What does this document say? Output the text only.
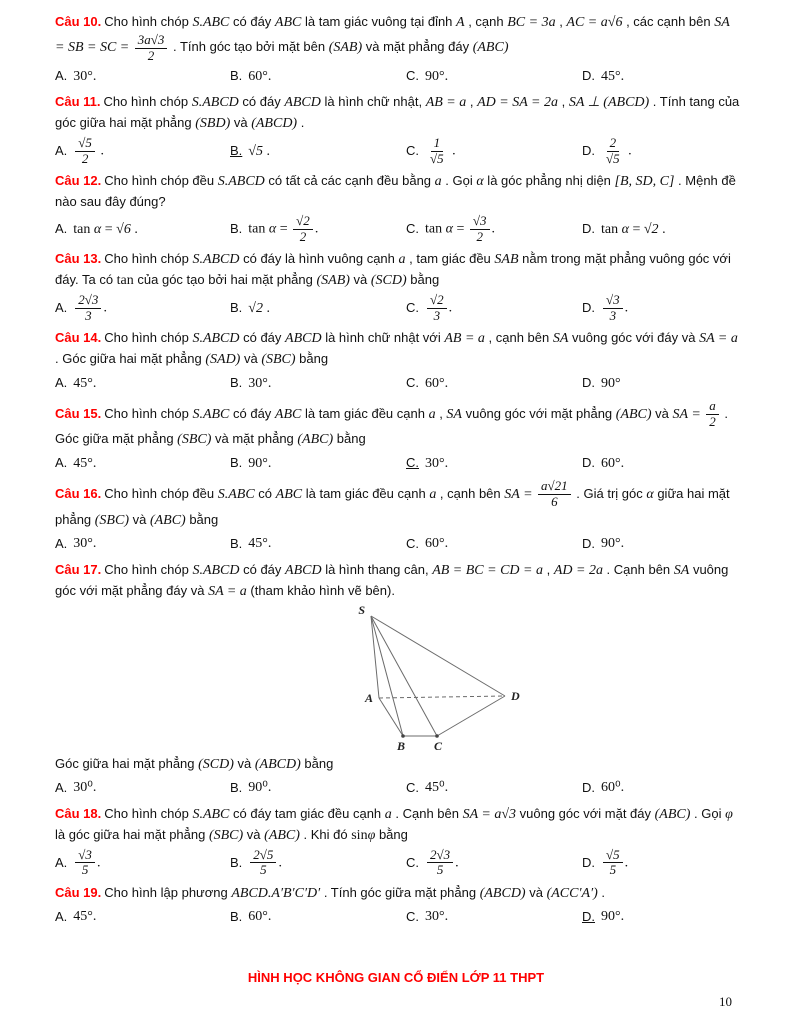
Câu 10. Cho hình chóp S.ABC có đáy ABC là tam giác vuông tại đỉnh A , cạnh BC = 3a , AC = a√6 , các cạnh bên SA = SB = SC = $\frac{3a√3}{2}$ . Tính góc tạo bởi mặt bên (SAB) và mặt phẳng đáy (ABC)

A. 30°.	B. 60°.	C. 90°.	D. 45°.

Câu 11. Cho hình chóp S.ABCD có đáy ABCD là hình chữ nhật, AB = a , AD = SA = 2a , SA ⊥ (ABCD) . Tính tang của góc giữa hai mặt phẳng (SBD) và (ABCD) .

A. $\frac{√5}{2}$ .	B. √5 .	C. $\frac{1}{√5}$ .	D. $\frac{2}{√5}$ .

Câu 12. Cho hình chóp đều S.ABCD có tất cả các cạnh đều bằng a . Gọi α là góc phẳng nhị diện [B, SD, C] . Mệnh đề nào sau đây đúng?

A. tan α = √6 .	B. $\tan \alpha = \frac{√2}{2}$ .	C. $\tan \alpha = \frac{√3}{2}$ .	D. tan α = √2 .

Câu 13. Cho hình chóp S.ABCD có đáy là hình vuông cạnh a , tam giác đều SAB nằm trong mặt phẳng vuông góc với đáy. Ta có tan của góc tạo bởi hai mặt phẳng (SAB) và (SCD) bằng

A. $\frac{2√3}{3}$ .	B. √2 .	C. $\frac{√2}{3}$ .	D. $\frac{√3}{3}$ .

Câu 14. Cho hình chóp S.ABCD có đáy ABCD là hình chữ nhật với AB = a , cạnh bên SA vuông góc với đáy và SA = a . Góc giữa hai mặt phẳng (SAD) và (SBC) bằng

A. 45°.	B. 30°.	C. 60°.	D. 90°

Câu 15. Cho hình chóp S.ABC có đáy ABC là tam giác đều cạnh a , SA vuông góc với mặt phẳng (ABC) và SA = $\frac{a}{2}$ . Góc giữa mặt phẳng (SBC) và mặt phẳng (ABC) bằng

A. 45°.	B. 90°.	C. 30°.	D. 60°.

Câu 16. Cho hình chóp đều S.ABC có ABC là tam giác đều cạnh a , cạnh bên SA = $\frac{a√21}{6}$ . Giá trị góc α giữa hai mặt phẳng (SBC) và (ABC) bằng

A. 30°.	B. 45°.	C. 60°.	D. 90°.

Câu 17. Cho hình chóp S.ABCD có đáy ABCD là hình thang cân, AB = BC = CD = a , AD = 2a . Cạnh bên SA vuông góc với mặt phẳng đáy và SA = a (tham khảo hình vẽ bên).

S
A	D
B C

Góc giữa hai mặt phẳng (SCD) và (ABCD) bằng

A. 30⁰.	B. 90⁰.	C. 45⁰.	D. 60⁰.

Câu 18. Cho hình chóp S.ABC có đáy tam giác đều cạnh a . Cạnh bên SA = a√3 vuông góc với mặt đáy (ABC) . Gọi φ là góc giữa hai mặt phẳng (SBC) và (ABC) . Khi đó sinφ bằng

A. $\frac{√3}{5}$ .	B. $\frac{2√5}{5}$ .	C. $\frac{2√3}{5}$ .	D. $\frac{√5}{5}$ .

Câu 19. Cho hình lập phương ABCD.A′B′C′D′ . Tính góc giữa mặt phẳng (ABCD) và (ACC′A′) .

A. 45°.	B. 60°.	C. 30°.	D. 90°.
HÌNH HỌC KHÔNG GIAN CỔ ĐIỂN LỚP 11 THPT
10
